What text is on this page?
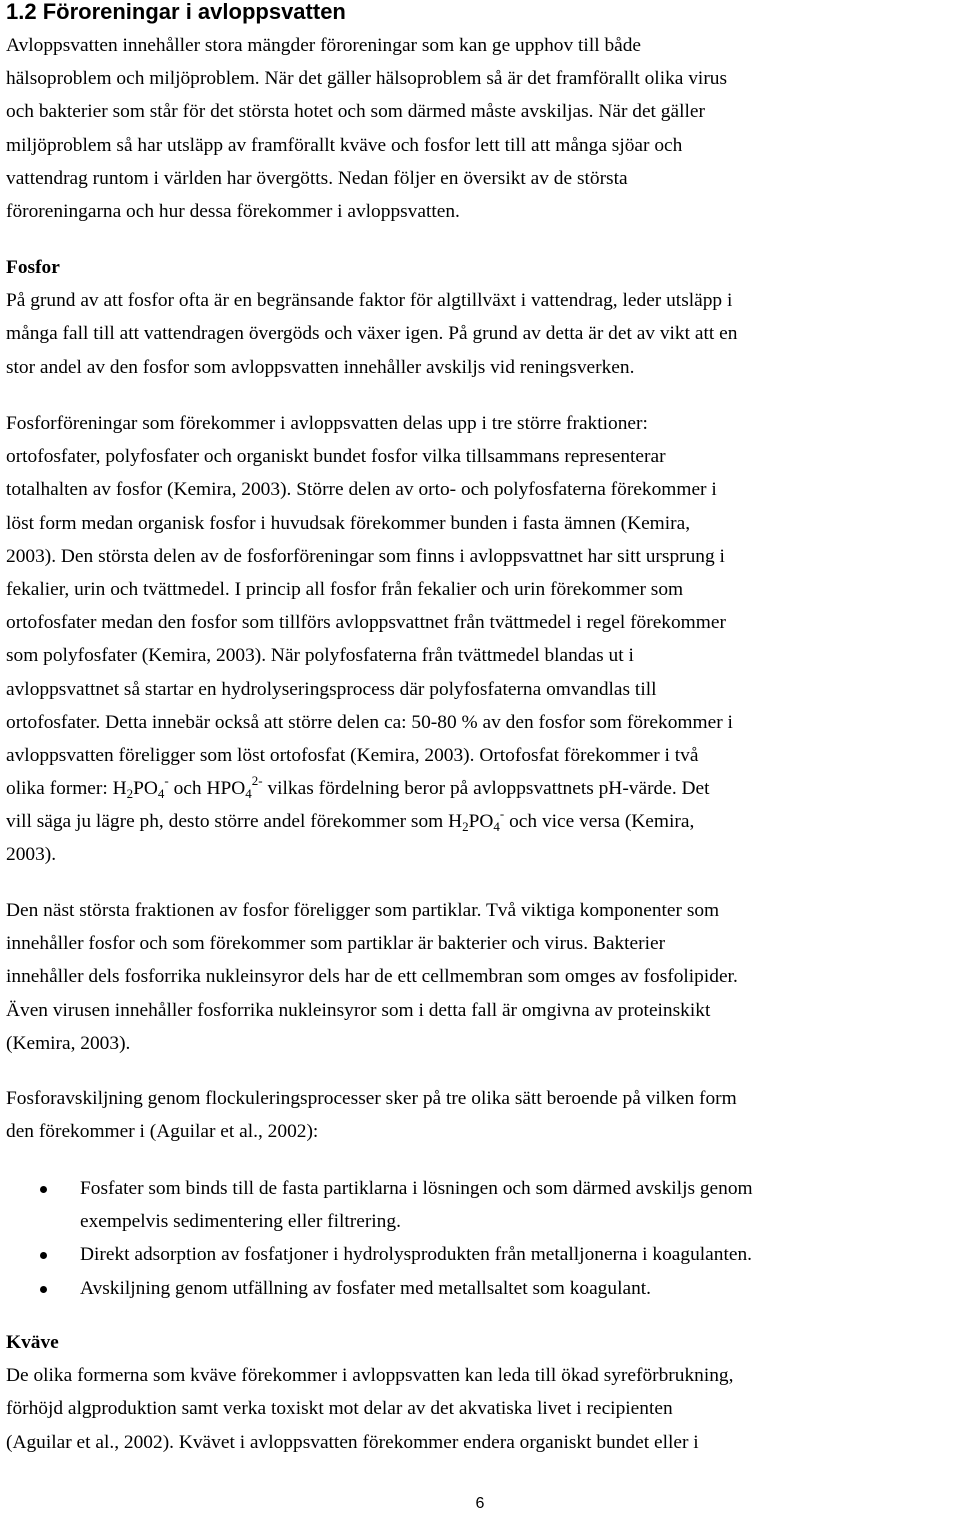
1.2 Föroreningar i avloppsvatten

Avloppsvatten innehåller stora mängder föroreningar som kan ge upphov till både
hälsoproblem och miljöproblem. När det gäller hälsoproblem så är det framförallt olika virus
och bakterier som står för det största hotet och som därmed måste avskiljas. När det gäller
miljöproblem så har utsläpp av framförallt kväve och fosfor lett till att många sjöar och
vattendrag runtom i världen har övergötts. Nedan följer en översikt av de största
föroreningarna och hur dessa förekommer i avloppsvatten.

Fosfor
På grund av att fosfor ofta är en begränsande faktor för algtillväxt i vattendrag, leder utsläpp i
många fall till att vattendragen övergöds och växer igen. På grund av detta är det av vikt att en
stor andel av den fosfor som avloppsvatten innehåller avskiljs vid reningsverken.
Fosforföreningar som förekommer i avloppsvatten delas upp i tre större fraktioner:
ortofosfater, polyfosfater och organiskt bundet fosfor vilka tillsammans representerar
totalhalten av fosfor (Kemira, 2003). Större delen av orto- och polyfosfaterna förekommer i
löst form medan organisk fosfor i huvudsak förekommer bunden i fasta ämnen (Kemira,
2003). Den största delen av de fosforföreningar som finns i avloppsvattnet har sitt ursprung i
fekalier, urin och tvättmedel. I princip all fosfor från fekalier och urin förekommer som
ortofosfater medan den fosfor som tillförs avloppsvattnet från tvättmedel i regel förekommer
som polyfosfater (Kemira, 2003). När polyfosfaterna från tvättmedel blandas ut i
avloppsvattnet så startar en hydrolyseringsprocess där polyfosfaterna omvandlas till
ortofosfater. Detta innebär också att större delen ca: 50-80 % av den fosfor som förekommer i
avloppsvatten föreligger som löst ortofosfat (Kemira, 2003). Ortofosfat förekommer i två
olika former: $H_2PO_4^-$ och $HPO_4^{2-}$ vilkas fördelning beror på avloppsvattnets pH-värde. Det
vill säga ju lägre ph, desto större andel förekommer som $H_2PO_4^-$ och vice versa (Kemira,
2003).
Den näst största fraktionen av fosfor föreligger som partiklar. Två viktiga komponenter som
innehåller fosfor och som förekommer som partiklar är bakterier och virus. Bakterier
innehåller dels fosforrika nukleinsyror dels har de ett cellmembran som omges av fosfolipider.
Även virusen innehåller fosforrika nukleinsyror som i detta fall är omgivna av proteinskikt
(Kemira, 2003).
Fosforavskiljning genom flockuleringsprocesser sker på tre olika sätt beroende på vilken form
den förekommer i (Aguilar et al., 2002):
Fosfater som binds till de fasta partiklarna i lösningen och som därmed avskiljs genom
exempelvis sedimentering eller filtrering.
Direkt adsorption av fosfatjoner i hydrolysprodukten från metalljonerna i koagulanten.
Avskiljning genom utfällning av fosfater med metallsaltet som koagulant.
Kväve
De olika formerna som kväve förekommer i avloppsvatten kan leda till ökad syreförbrukning,
förhöjd algproduktion samt verka toxiskt mot delar av det akvatiska livet i recipienten
(Aguilar et al., 2002). Kvävet i avloppsvatten förekommer endera organiskt bundet eller i
6
